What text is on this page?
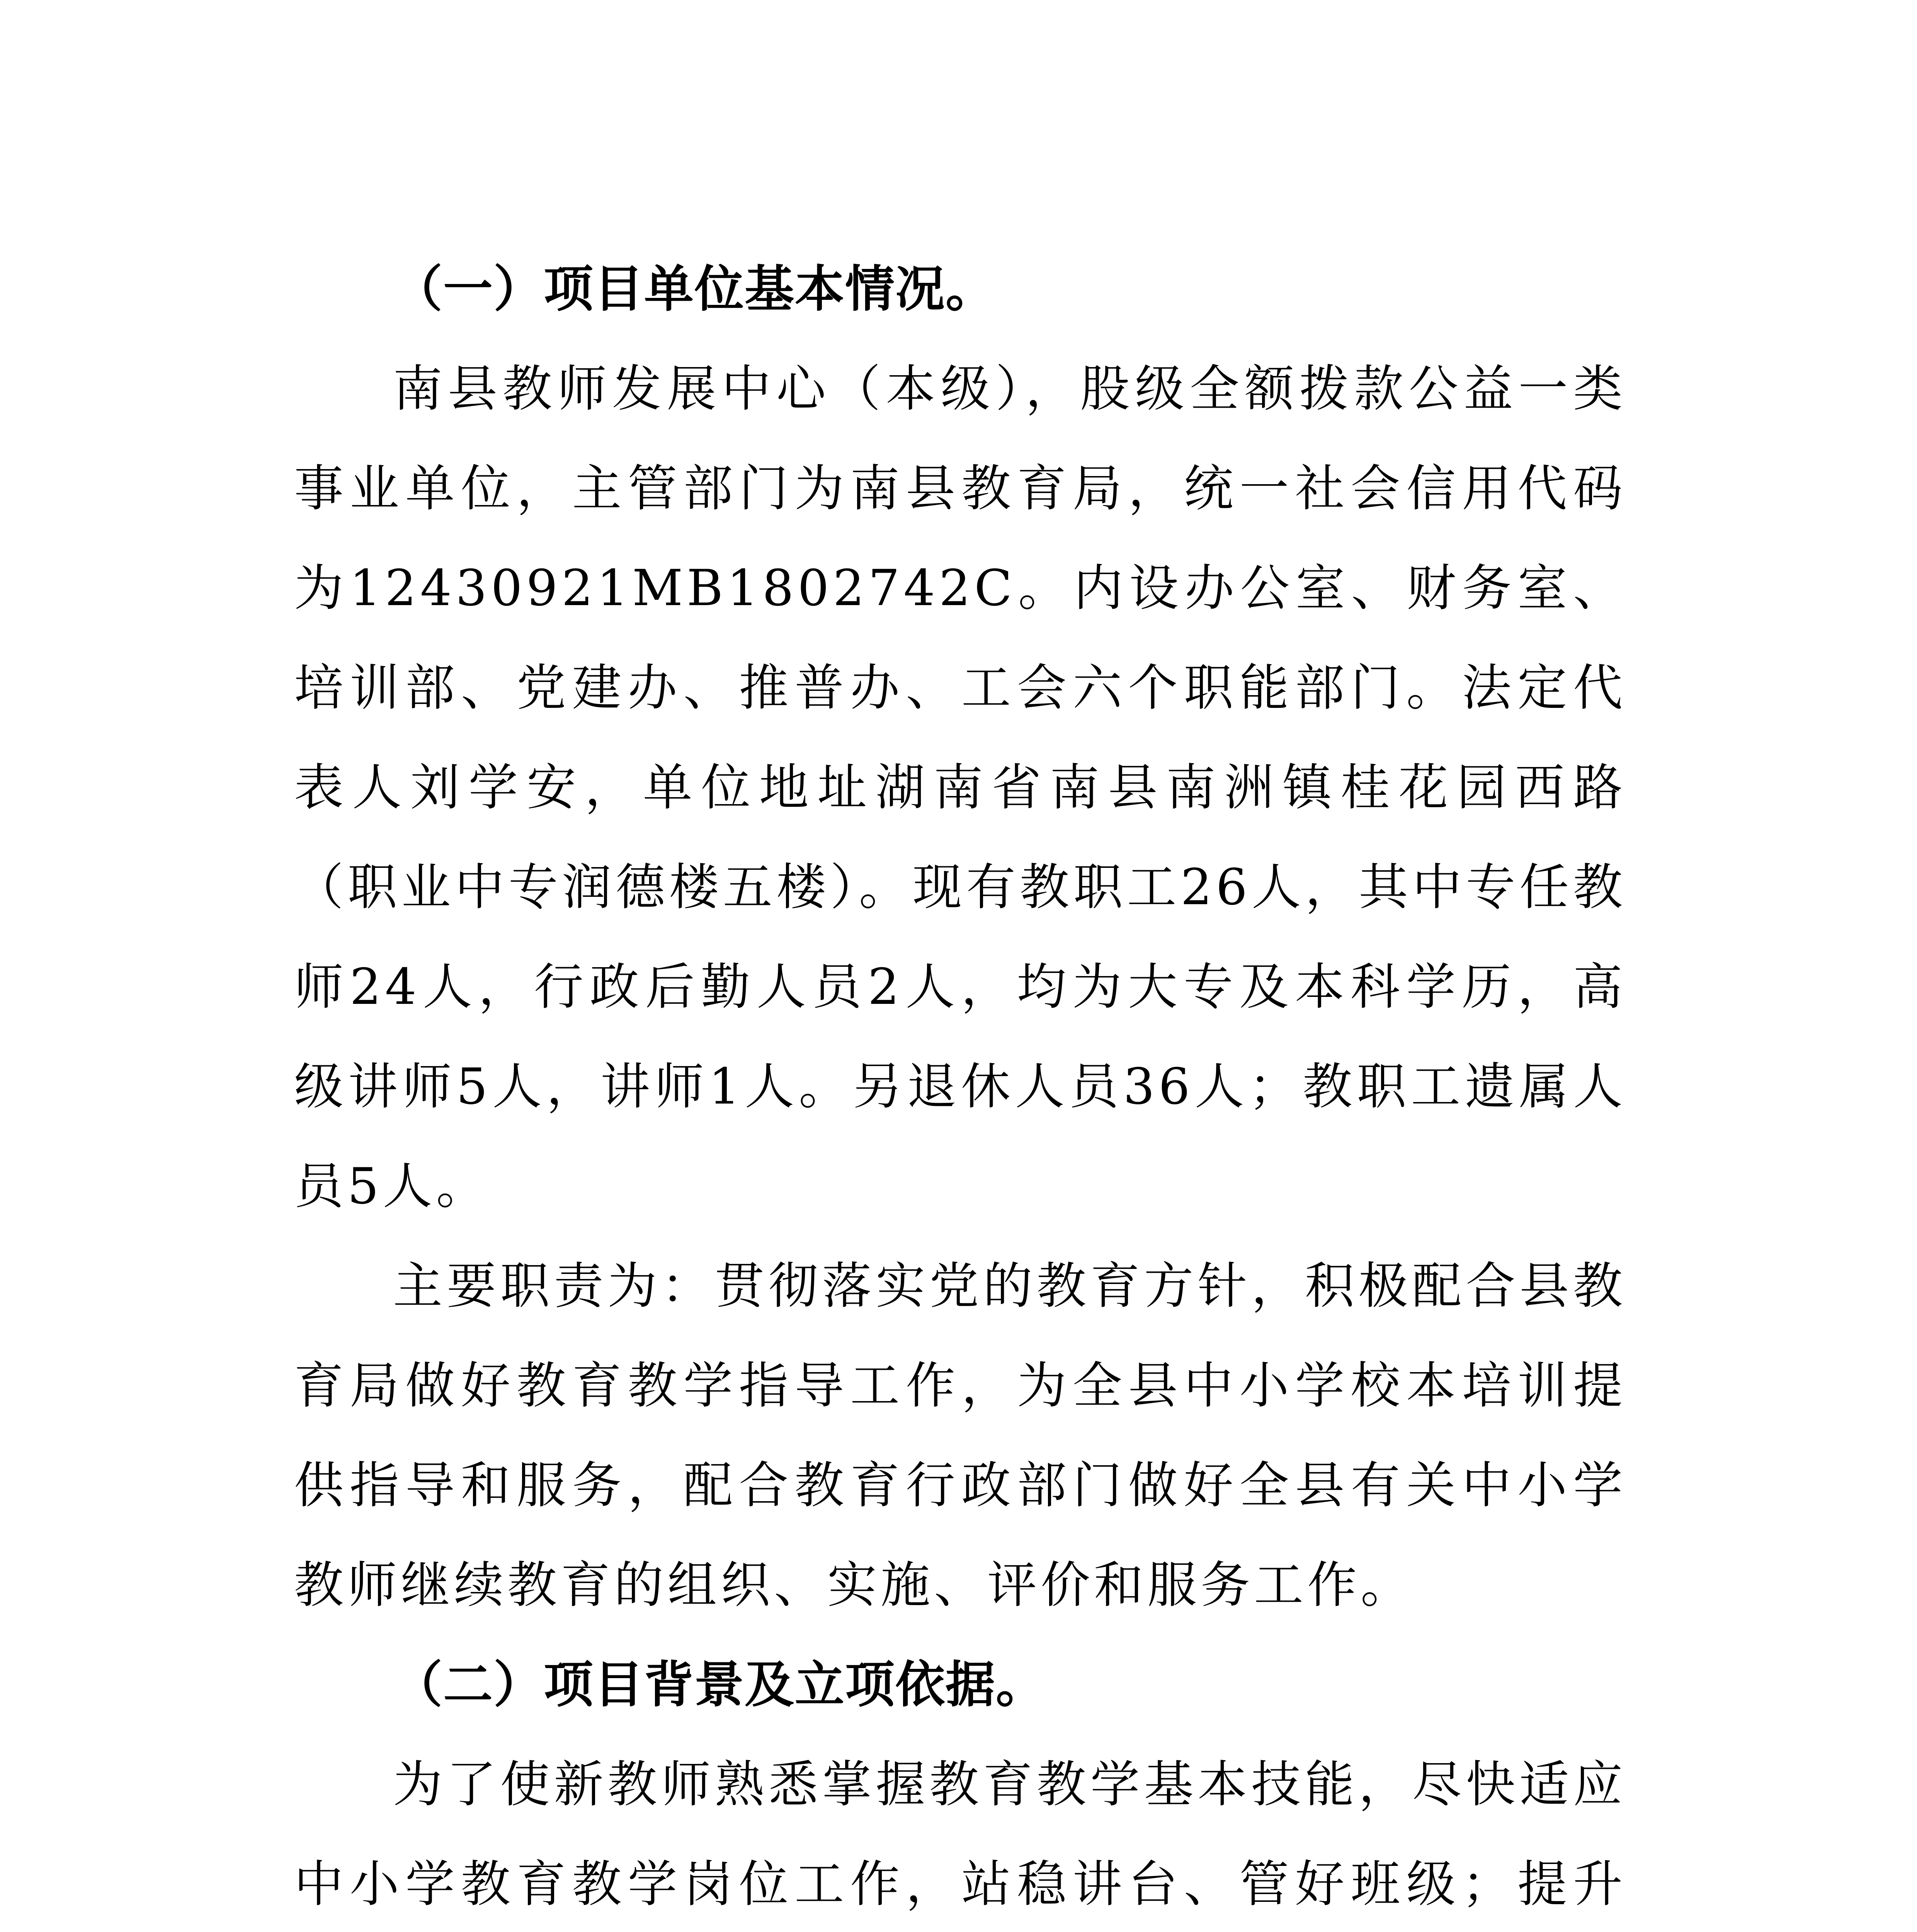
（一）项目单位基本情况。

南县教师发展中心（本级），股级全额拨款公益一类事业单位，主管部门为南县教育局，统一社会信用代码为12430921MB1802742C。内设办公室、财务室、培训部、党建办、推普办、工会六个职能部门。法定代表人刘学安，单位地址湖南省南县南洲镇桂花园西路（职业中专润德楼五楼）。现有教职工26人，其中专任教师24人，行政后勤人员2人，均为大专及本科学历，高级讲师5人，讲师1人。另退休人员36人；教职工遗属人员5人。

主要职责为：贯彻落实党的教育方针，积极配合县教育局做好教育教学指导工作，为全县中小学校本培训提供指导和服务，配合教育行政部门做好全县有关中小学教师继续教育的组织、实施、评价和服务工作。

（二）项目背景及立项依据。

为了使新教师熟悉掌握教育教学基本技能，尽快适应中小学教育教学岗位工作，站稳讲台、管好班级；提升
